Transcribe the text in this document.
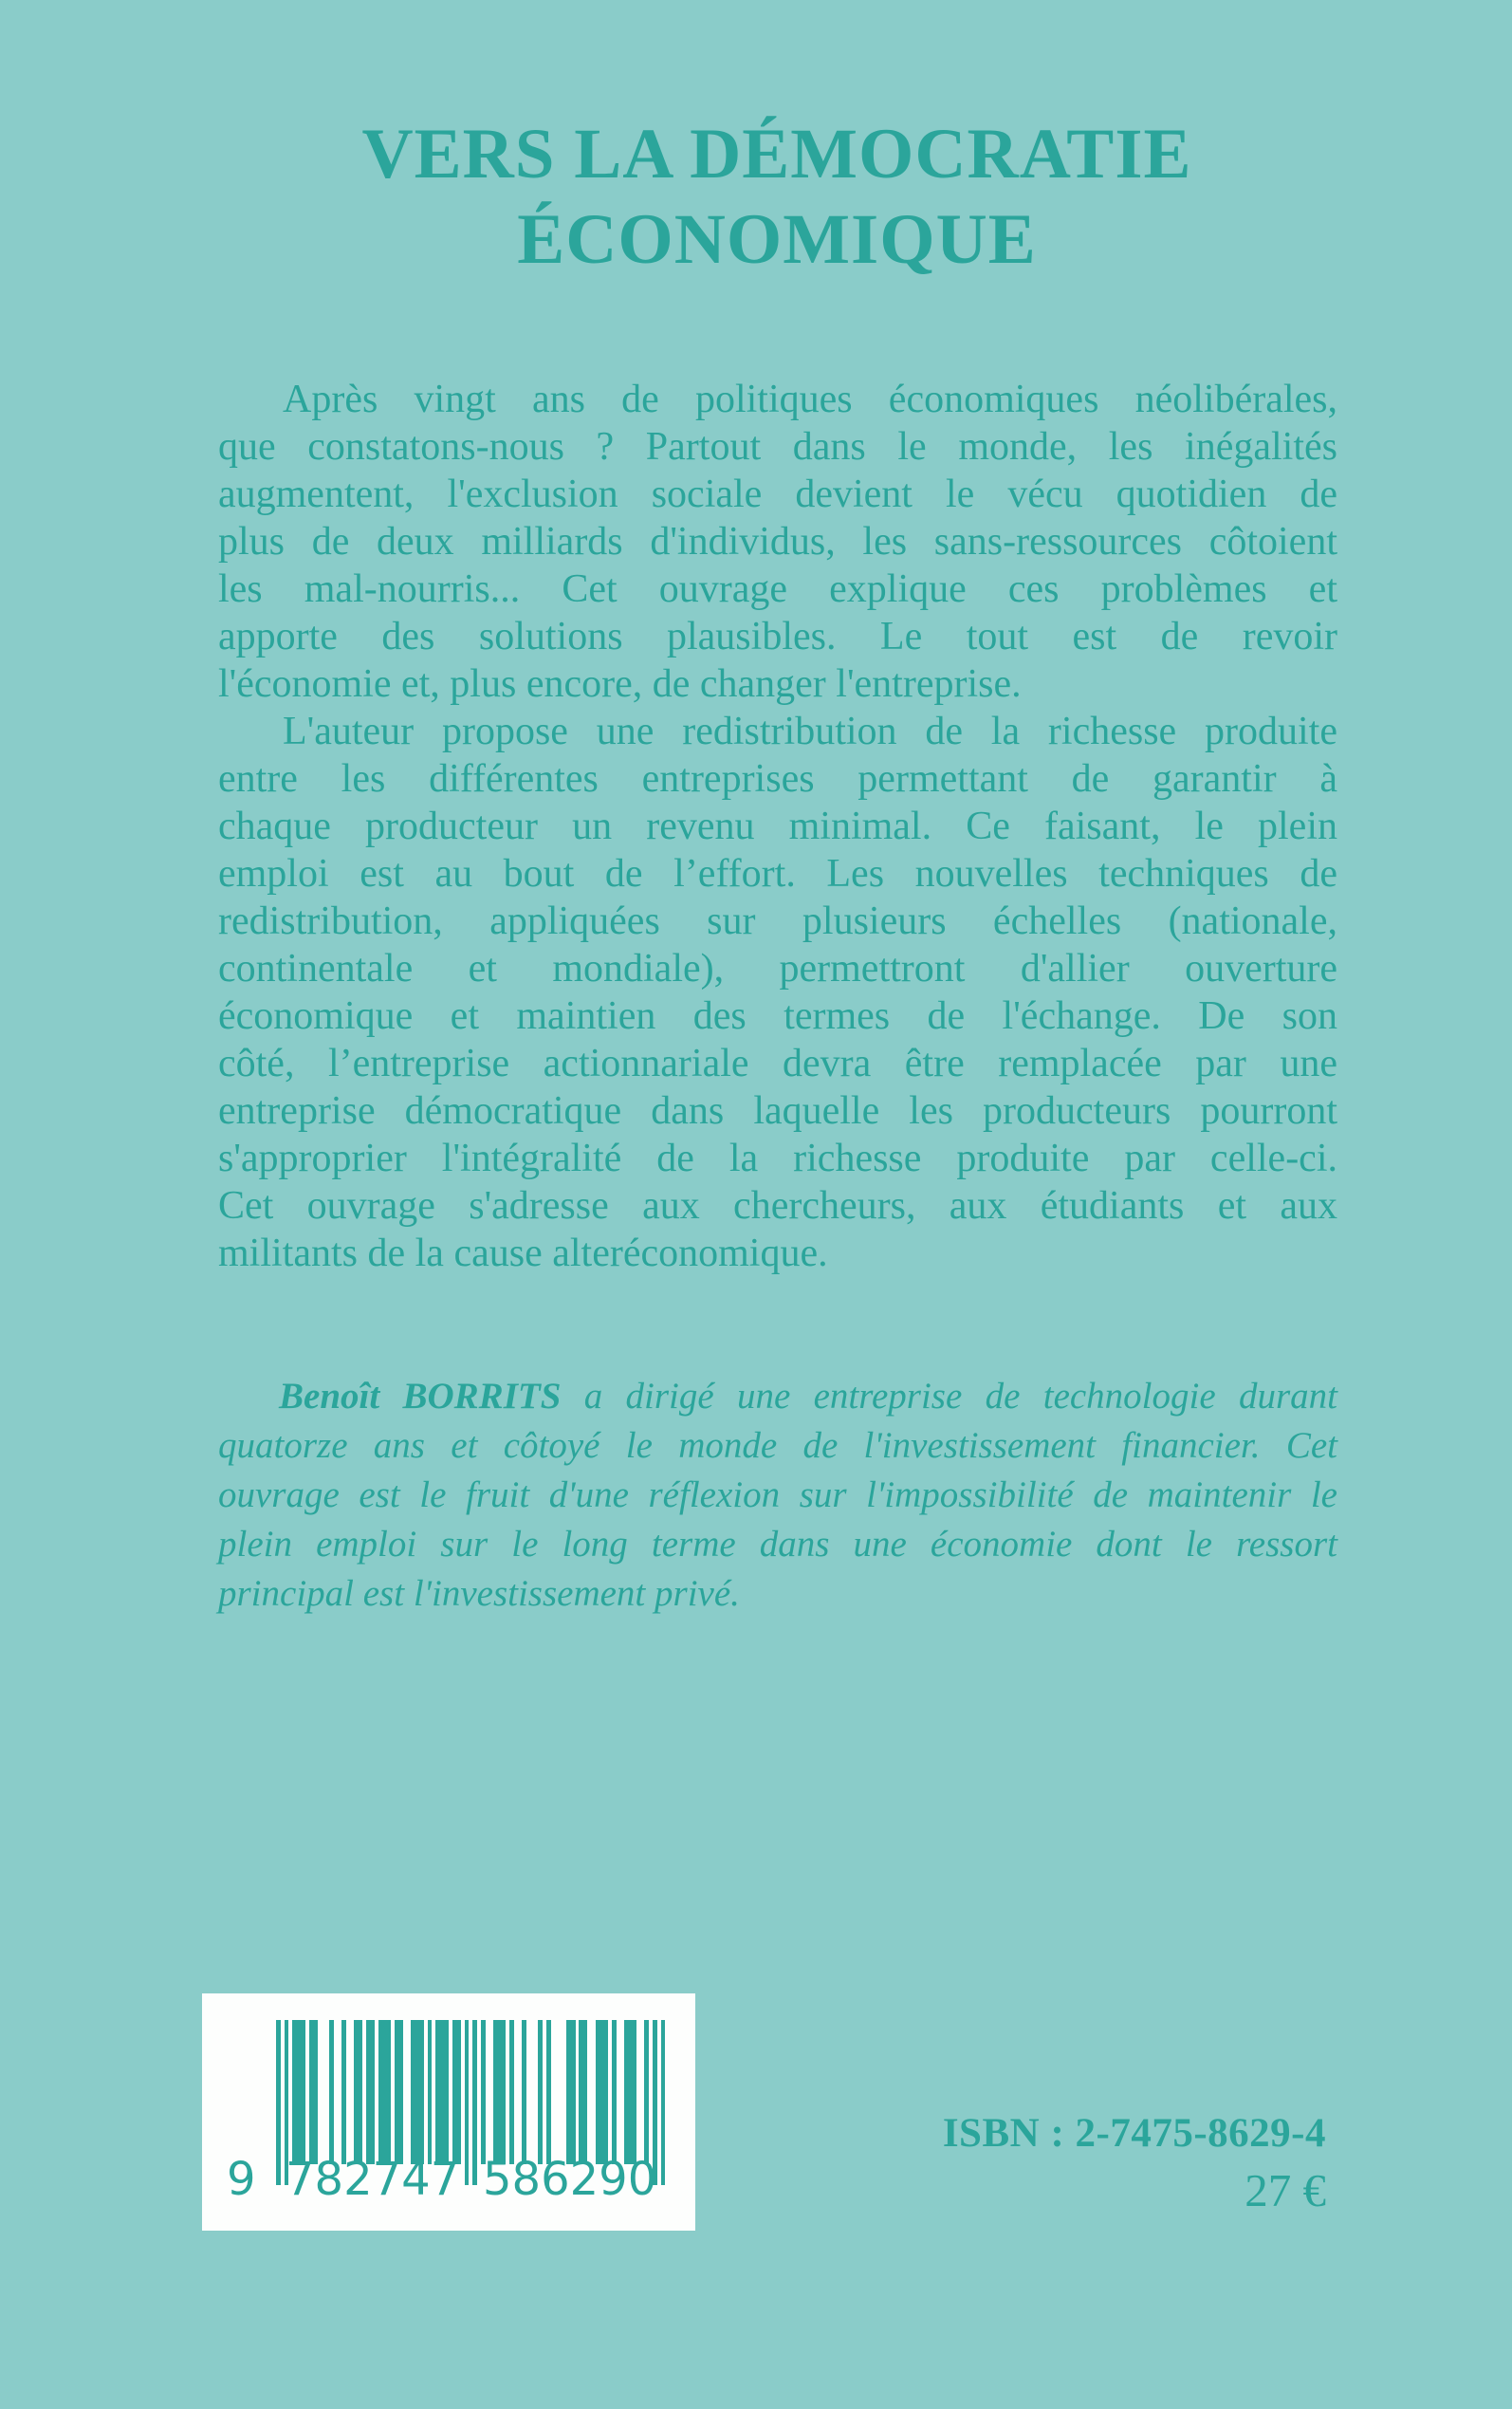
VERS LA DÉMOCRATIE
ÉCONOMIQUE
Après vingt ans de politiques économiques néolibérales,
que constatons-nous ? Partout dans le monde, les inégalités
augmentent, l'exclusion sociale devient le vécu quotidien de
plus de deux milliards d'individus, les sans-ressources côtoient
les mal-nourris... Cet ouvrage explique ces problèmes et
apporte des solutions plausibles. Le tout est de revoir
l'économie et, plus encore, de changer l'entreprise.
L'auteur propose une redistribution de la richesse produite
entre les différentes entreprises permettant de garantir à
chaque producteur un revenu minimal. Ce faisant, le plein
emploi est au bout de l’effort. Les nouvelles techniques de
redistribution, appliquées sur plusieurs échelles (nationale,
continentale et mondiale), permettront d'allier ouverture
économique et maintien des termes de l'échange. De son
côté, l’entreprise actionnariale devra être remplacée par une
entreprise démocratique dans laquelle les producteurs pourront
s'approprier l'intégralité de la richesse produite par celle-ci.
Cet ouvrage s'adresse aux chercheurs, aux étudiants et aux
militants de la cause alteréconomique.
Benoît BORRITS a dirigé une entreprise de technologie durant
quatorze ans et côtoyé le monde de l'investissement financier. Cet
ouvrage est le fruit d'une réflexion sur l'impossibilité de maintenir le
plein emploi sur le long terme dans une économie dont le ressort
principal est l'investissement privé.
9 782747 586290
ISBN : 2-7475-8629-4
27 €
